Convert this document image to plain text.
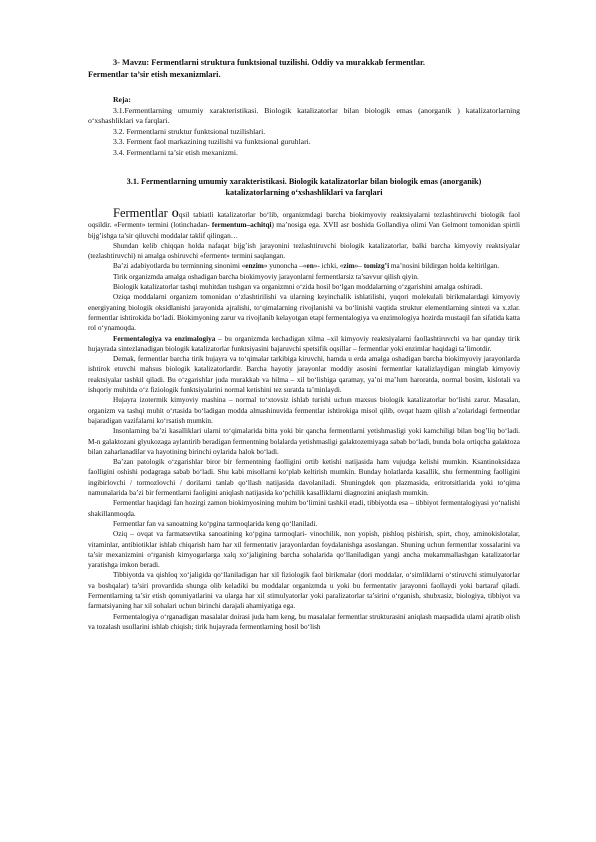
3- Mavzu: Fermentlarni struktura funktsional tuzilishi. Oddiy va murakkab fermentlar.
Fermentlar ta’sir etish mexanizmlari.
Reja:
3.1.Fermentlarning umumiy xarakteristikasi. Biologik katalizatorlar bilan biologik emas (anorganik ) katalizatorlarning o‘xshashliklari va farqlari.
3.2. Fermentlarni struktur funktsional tuzilishlari.
3.3. Ferment faol markazining tuzilishi va funktsional guruhlari.
3.4. Fermentlarni ta’sir etish mexanizmi.
3.1. Fermentlarning umumiy xarakteristikasi. Biologik katalizatorlar bilan biologik emas (anorganik)
katalizatorlarning o‘xshashliklari va farqlari

Fermentlar Oqsil tabiatli katalizatorlar bo‘lib, organizmdagi barcha biokimyoviy reaktsiyalarni tezlashtiruvchi biologik faol oqsildir. «Ferment» termini (lotinchadan- fermentum–achitqi) ma’nosiga ega. XVII asr boshida Gollandiya olimi Van Gelmont tomonidan spirtli bijg’ishga ta’sir qiluvchi moddalar taklif qilingan…

Shundan kelib chiqqan holda nafaqat bijg’ish jarayonini tezlashtiruvchi biologik katalizatorlar, balki barcha kimyoviy reaktsiyalar (tezlashtiruvchi) ni amalga oshiruvchi «ferment» termini saqlangan.

Ba’zi adabiyotlarda bu terminning sinonimi «enzim» yunoncha –«en»- ichki, «zim»– tomizg’i ma’nosini bildirgan holda keltirilgan.

Tirik organizmda amalga oshadigan barcha biokimyoviy jarayonlarni fermentlarsiz ta’savvur qilish qiyin.

Biologik katalizatorlar tashqi muhitdan tushgan va organizmni o‘zida hosil bo‘lgan moddalarning o‘zgarishini amalga oshiradi.

Oziqa moddalarni organizm tomonidan o‘zlashtirilishi va ularning keyinchalik ishlatilishi, yuqori molekulali birikmalardagi kimyoviy energiyaning biologik oksidlanishi jarayonida ajralishi, to‘qimalarning rivojlanishi va bo‘linishi vaqtida struktur elementlarning sintezi va x.zlar. fermentlar ishtirokida bo‘ladi. Biokimyoning zarur va rivojlanib kelayotgan etapi fermentalogiya va enzimologiya hozirda mustaqil fan sifatida katta rol o‘ynamoqda.

Fermentalogiya va enzimalogiya – bu organizmda kechadigan xilma –xil kimyoviy reaktsiyalarni faollashtiruvchi va har qanday tirik hujayrada sintezlanadigan biologik katalizatorlar funktsiyasini bajaruvchi spetsifik oqsillar – fermentlar yoki enzimlar haqidagi ta’limotdir.

Demak, fermentlar barcha tirik hujayra va to‘qimalar tarkibiga kiruvchi, hamda u erda amalga oshadigan barcha biokimyoviy jarayonlarda ishtirok etuvchi mahsus biologik katalizatorlardir. Barcha hayotiy jarayonlar moddiy asosini fermentlar katalizlaydigan minglab kimyoviy reaktsiyalar tashkil qiladi. Bu o‘zgarishlar juda murakkab va hilma – xil bo‘lishiga qaramay, ya’ni ma’lum haroratda, normal bosim, kislotali va ishqoriy muhitda o‘z fiziologik funktsiyalarini normal ketishini tez suratda ta’minlaydi.

Hujayra izotermik kimyoviy mashina – normal to‘xtovsiz ishlab turishi uchun maxsus biologik katalizatorlar bo‘lishi zarur. Masalan, organizm va tashqi muhit o‘rtasida bo‘ladigan modda almashinuvida fermentlar ishtirokiga misol qilib, ovqat hazm qilish a’zolaridagi fermentlar bajaradigan vazifalarni ko‘rsatish mumkin.

Insonlarning ba’zi kasalliklari ularni to‘qimalarida bitta yoki bir qancha fermentlarni yetishmasligi yoki kamchiligi bilan bog’liq bo‘ladi. M-n galaktozani glyukozaga aylantirib beradigan fermentning bolalarda yetishmasligi galaktozemiyaga sabab bo‘ladi, bunda bola ortiqcha galaktoza bilan zaharlanadilar va hayotining birinchi oylarida halok bo‘ladi.

Ba’zan patologik o‘zgarishlar biror bir fermentning faolligini ortib ketishi natijasida ham vujudga kelishi mumkin. Ksantinoksidaza faolligini oshishi podagraga sabab bo‘ladi. Shu kabi misollarni ko‘plab keltirish mumkin. Bunday holatlarda kasallik, shu fermentning faolligini ingibirlovchi / tormozlovchi / dorilarni tanlab qo‘llash natijasida davolaniladi. Shuningdek qon plazmasida, eritrotsitlarida yoki to‘qima namunalarida ba’zi bir fermentlarni faoligini aniqlash natijasida ko‘pchilik kasalliklarni diagnozini aniqlash mumkin.

Fermentlar haqidagi fan hozirgi zamon biokimyosining muhim bo‘limini tashkil etadi, tibbiyotda esa – tibbiyot fermentalogiyasi yo‘nalishi shakillanmoqda.

Fermentlar fan va sanoatning ko‘pgina tarmoqlarida keng qo‘llaniladi.

Oziq – ovqat va farmatsevtika sanoatining ko‘pgina tarmoqlari- vinochilik, non yopish, pishloq pishirish, spirt, choy, aminokislotalar, vitaminlar, antibiotiklar ishlab chiqarish ham har xil fermentativ jarayonlardan foydalanishga asoslangan. Shuning uchun fermentlar xossalarini va ta’sir mexanizmini o‘rganish kimyogarlarga xalq xo‘jaligining barcha sohalarida qo‘llaniladigan yangi ancha mukammallashgan katalizatorlar yaratishga imkon beradi.

Tibbiyotda va qishloq xo‘jaligida qo‘llaniladigan har xil fiziologik faol birikmalar (dori moddalar, o‘simliklarni o‘stiruvchi stimulyatorlar va boshqalar) ta’siri provardida shunga olib keladiki bu moddalar organizmda u yoki bu fermentativ jarayonni faollaydi yoki bartaraf qiladi. Fermentlarning ta’sir etish qonuniyatlarini va ularga har xil stimulyatorlar yoki paralizatorlar ta’sirini o‘rganish, shubxasiz, biologiya, tibbiyot va farmatsiyaning har xil sohalari uchun birinchi darajali ahamiyatiga ega.

Fermentalogiya o‘rganadigan masalalar doirasi juda ham keng, bu masalalar fermentlar strukturasini aniqlash maqsadida ularni ajratib olish va tozalash usullarini ishlab chiqish; tirik hujayrada fermentlarning hosil bo‘lish
